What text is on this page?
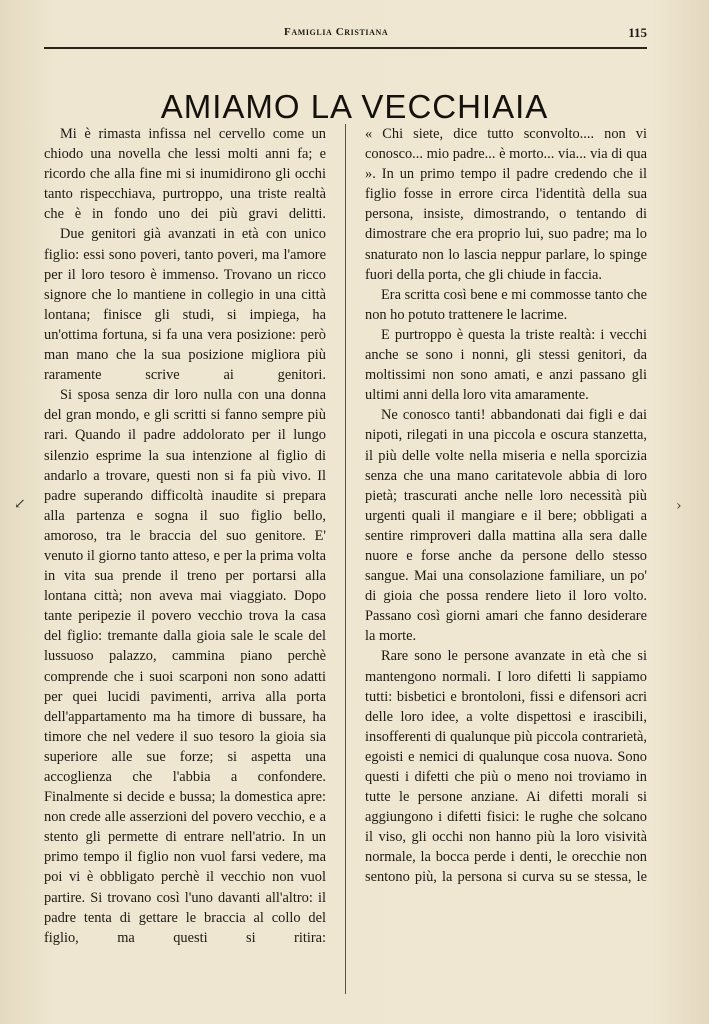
Famiglia Cristiana	115
AMIAMO LA VECCHIAIA

Mi è rimasta infissa nel cervello come un chiodo una novella che lessi molti anni fa; e ricordo che alla fine mi si inumidirono gli occhi tanto rispecchiava, purtroppo, una triste realtà che è in fondo uno dei più gravi delitti.

Due genitori già avanzati in età con unico figlio: essi sono poveri, tanto poveri, ma l'amore per il loro tesoro è immenso. Trovano un ricco signore che lo mantiene in collegio in una città lontana; finisce gli studi, si impiega, ha un'ottima fortuna, si fa una vera posizione: però man mano che la sua posizione migliora più raramente scrive ai genitori.

Si sposa senza dir loro nulla con una donna del gran mondo, e gli scritti si fanno sempre più rari. Quando il padre addolorato per il lungo silenzio esprime la sua intenzione al figlio di andarlo a trovare, questi non si fa più vivo. Il padre superando difficoltà inaudite si prepara alla partenza e sogna il suo figlio bello, amoroso, tra le braccia del suo genitore. E' venuto il giorno tanto atteso, e per la prima volta in vita sua prende il treno per portarsi alla lontana città; non aveva mai viaggiato. Dopo tante peripezie il povero vecchio trova la casa del figlio: tremante dalla gioia sale le scale del lussuoso palazzo, cammina piano perchè comprende che i suoi scarponi non sono adatti per quei lucidi pavimenti, arriva alla porta dell'appartamento ma ha timore di bussare, ha timore che nel vedere il suo tesoro la gioia sia superiore alle sue forze; si aspetta una accoglienza che l'abbia a confondere. Finalmente si decide e bussa; la domestica apre: non crede alle asserzioni del povero vecchio, e a stento gli permette di entrare nell'atrio. In un primo tempo il figlio non vuol farsi vedere, ma poi vi è obbligato perchè il vecchio non vuol partire. Si trovano così l'uno davanti all'altro: il padre tenta di gettare le braccia al collo del figlio, ma questi si ritira:

« Chi siete, dice tutto sconvolto.... non vi conosco... mio padre... è morto... via... via di qua ». In un primo tempo il padre credendo che il figlio fosse in errore circa l'identità della sua persona, insiste, dimostrando, o tentando di dimostrare che era proprio lui, suo padre; ma lo snaturato non lo lascia neppur parlare, lo spinge fuori della porta, che gli chiude in faccia.

Era scritta così bene e mi commosse tanto che non ho potuto trattenere le lacrime.

E purtroppo è questa la triste realtà: i vecchi anche se sono i nonni, gli stessi genitori, da moltissimi non sono amati, e anzi passano gli ultimi anni della loro vita amaramente.

Ne conosco tanti! abbandonati dai figli e dai nipoti, rilegati in una piccola e oscura stanzetta, il più delle volte nella miseria e nella sporcizia senza che una mano caritatevole abbia di loro pietà; trascurati anche nelle loro necessità più urgenti quali il mangiare e il bere; obbligati a sentire rimproveri dalla mattina alla sera dalle nuore e forse anche da persone dello stesso sangue. Mai una consolazione familiare, un po' di gioia che possa rendere lieto il loro volto. Passano così giorni amari che fanno desiderare la morte.

Rare sono le persone avanzate in età che si mantengono normali. I loro difetti li sappiamo tutti: bisbetici e brontoloni, fissi e difensori acri delle loro idee, a volte dispettosi e irascibili, insofferenti di qualunque più piccola contrarietà, egoisti e nemici di qualunque cosa nuova. Sono questi i difetti che più o meno noi troviamo in tutte le persone anziane. Ai difetti morali si aggiungono i difetti fisici: le rughe che solcano il viso, gli occhi non hanno più la loro visività normale, la bocca perde i denti, le orecchie non sentono più, la persona si curva su se stessa, le

↙	›
